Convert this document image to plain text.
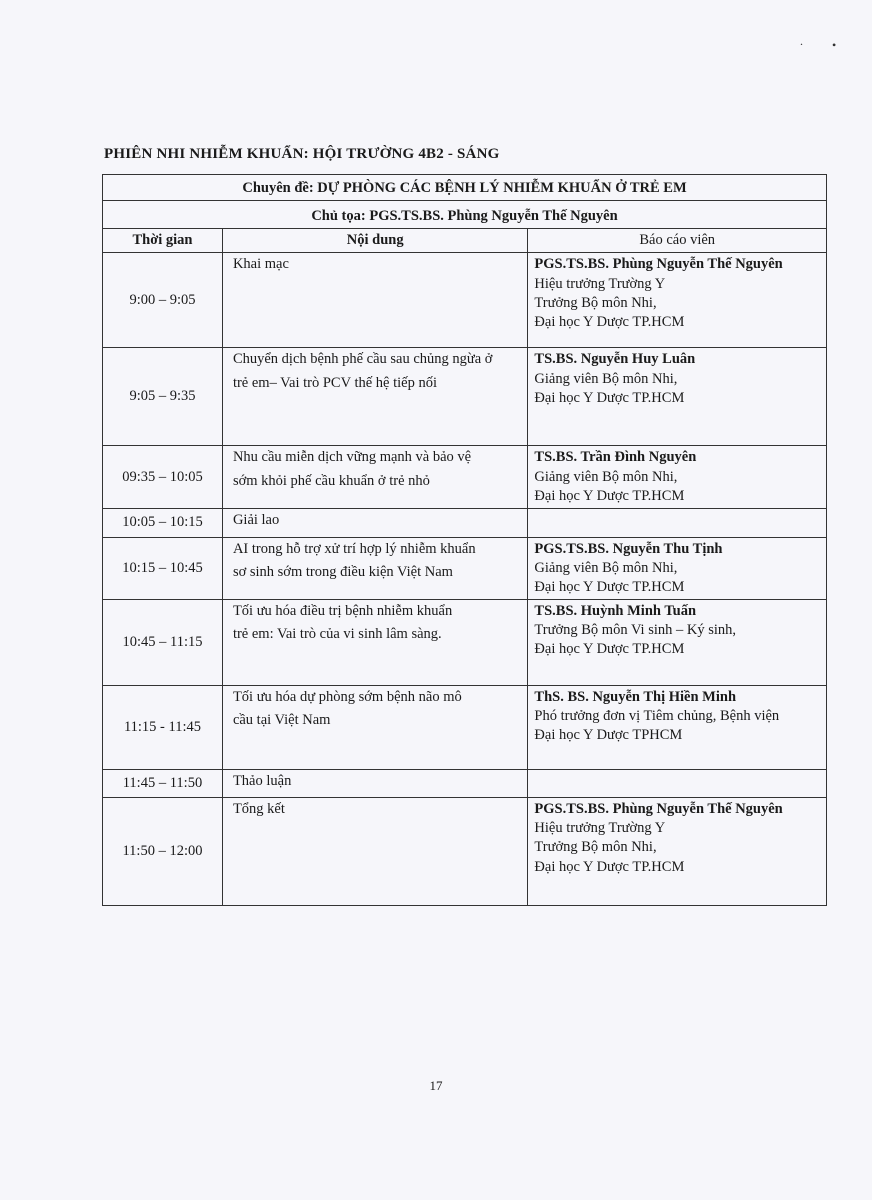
. •
PHIÊN NHI NHIỄM KHUẨN: HỘI TRƯỜNG 4B2 - SÁNG
Chuyên đề: DỰ PHÒNG CÁC BỆNH LÝ NHIỄM KHUẨN Ở TRẺ EM		
Chủ tọa: PGS.TS.BS. Phùng Nguyễn Thế Nguyên		
Thời gian	Nội dung	Báo cáo viên
9:00 – 9:05	Khai mạc	PGS.TS.BS. Phùng Nguyễn Thế Nguyên
Hiệu trưởng Trường Y
Trưởng Bộ môn Nhi,
Đại học Y Dược TP.HCM

9:05 – 9:35	Chuyển dịch bệnh phế cầu sau chủng ngừa ở
trẻ em– Vai trò PCV thế hệ tiếp nối	TS.BS. Nguyễn Huy Luân
Giảng viên Bộ môn Nhi,
Đại học Y Dược TP.HCM

09:35 – 10:05	Nhu cầu miễn dịch vững mạnh và bảo vệ
sớm khỏi phế cầu khuẩn ở trẻ nhỏ	TS.BS. Trần Đình Nguyên
Giảng viên Bộ môn Nhi,
Đại học Y Dược TP.HCM

10:05 – 10:15	Giải lao	

10:15 – 10:45	AI trong hỗ trợ xử trí hợp lý nhiễm khuẩn
sơ sinh sớm trong điều kiện Việt Nam	PGS.TS.BS. Nguyễn Thu Tịnh
Giảng viên Bộ môn Nhi,
Đại học Y Dược TP.HCM

10:45 – 11:15	Tối ưu hóa điều trị bệnh nhiễm khuẩn
trẻ em: Vai trò của vi sinh lâm sàng.	TS.BS. Huỳnh Minh Tuấn
Trưởng Bộ môn Vi sinh – Ký sinh,
Đại học Y Dược TP.HCM

11:15 - 11:45	Tối ưu hóa dự phòng sớm bệnh não mô
cầu tại Việt Nam	ThS. BS. Nguyễn Thị Hiền Minh
Phó trưởng đơn vị Tiêm chủng, Bệnh viện
Đại học Y Dược TPHCM

11:45 – 11:50	Thảo luận	

11:50 – 12:00	Tổng kết	PGS.TS.BS. Phùng Nguyễn Thế Nguyên
Hiệu trưởng Trường Y
Trưởng Bộ môn Nhi,
Đại học Y Dược TP.HCM
17
